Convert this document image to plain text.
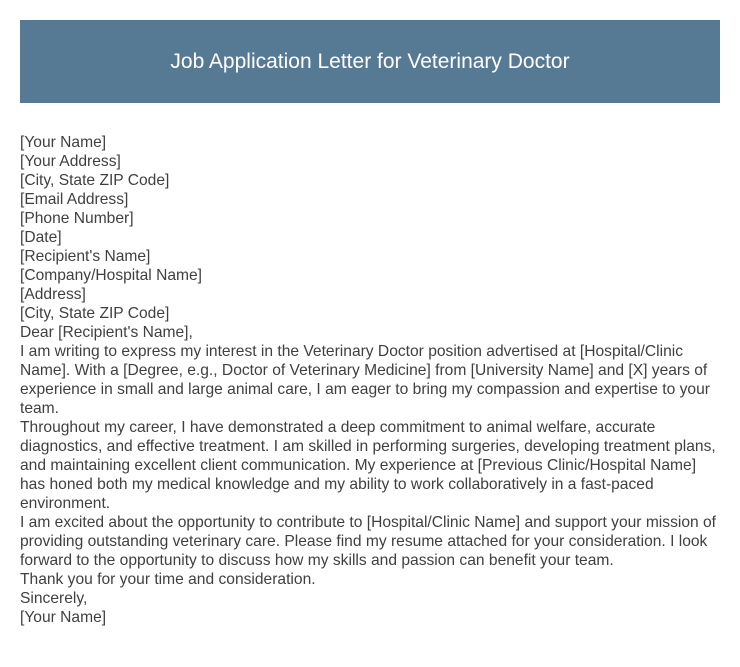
Job Application Letter for Veterinary Doctor

[Your Name]

[Your Address]

[City, State ZIP Code]

[Email Address]

[Phone Number]

[Date]

[Recipient's Name]

[Company/Hospital Name]

[Address]

[City, State ZIP Code]

Dear [Recipient's Name],

I am writing to express my interest in the Veterinary Doctor position advertised at [Hospital/Clinic Name]. With a [Degree, e.g., Doctor of Veterinary Medicine] from [University Name] and [X] years of experience in small and large animal care, I am eager to bring my compassion and expertise to your team.

Throughout my career, I have demonstrated a deep commitment to animal welfare, accurate diagnostics, and effective treatment. I am skilled in performing surgeries, developing treatment plans, and maintaining excellent client communication. My experience at [Previous Clinic/Hospital Name] has honed both my medical knowledge and my ability to work collaboratively in a fast-paced environment.

I am excited about the opportunity to contribute to [Hospital/Clinic Name] and support your mission of providing outstanding veterinary care. Please find my resume attached for your consideration. I look forward to the opportunity to discuss how my skills and passion can benefit your team.

Thank you for your time and consideration.

Sincerely,

[Your Name]
